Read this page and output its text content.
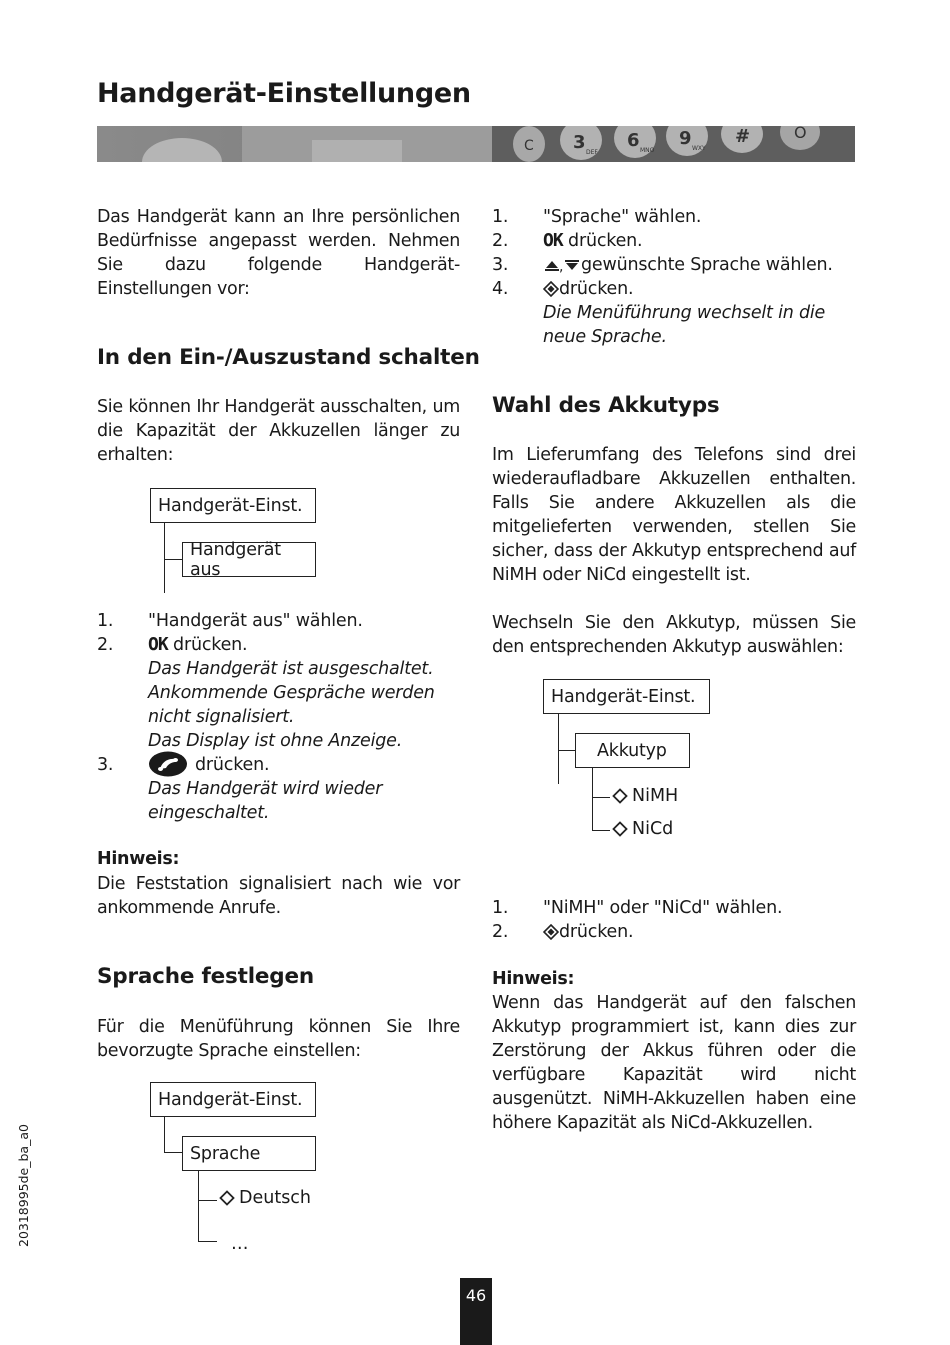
Handgerät-Einstellungen
C 3 6 9 #
DEF	MNO	WXY
O
Das Handgerät kann an Ihre persönlichen Bedürfnisse angepasst werden. Nehmen Sie dazu folgende Handgerät-Einstellungen vor:
In den Ein-/Auszustand schalten
Sie können Ihr Handgerät ausschalten, um die Kapazität der Akkuzellen länger zu erhalten:
Handgerät-Einst.
Handgerät aus
1. "Handgerät aus" wählen.
2. OK drücken.
Das Handgerät ist ausgeschaltet.
Ankommende Gespräche werden
nicht signalisiert.
Das Display ist ohne Anzeige.
3.	drücken.
Das Handgerät wird wieder
eingeschaltet.
Hinweis:
Die Feststation signalisiert nach wie vor ankommende Anrufe.
Sprache festlegen
Für die Menüführung können Sie Ihre bevorzugte Sprache einstellen:
Handgerät-Einst.
Sprache
Deutsch
…
1. "Sprache" wählen.
2. OK drücken.
3.	, gewünschte Sprache wählen.
4.	drücken.
Die Menüführung wechselt in die
neue Sprache.
Wahl des Akkutyps
Im Lieferumfang des Telefons sind drei wiederaufladbare Akkuzellen enthalten. Falls Sie andere Akkuzellen als die mitgelieferten verwenden, stellen Sie sicher, dass der Akkutyp entsprechend auf NiMH oder NiCd eingestellt ist.
Wechseln Sie den Akkutyp, müssen Sie den entsprechenden Akkutyp auswählen:
Handgerät-Einst.
Akkutyp
NiMH
NiCd
1. "NiMH" oder "NiCd" wählen.
2.	drücken.
Hinweis:
Wenn das Handgerät auf den falschen Akkutyp programmiert ist, kann dies zur Zerstörung der Akkus führen oder die verfügbare Kapazität wird nicht ausgenützt. NiMH-Akkuzellen haben eine höhere Kapazität als NiCd-Akkuzellen.
20318995de_ba_a0
46
